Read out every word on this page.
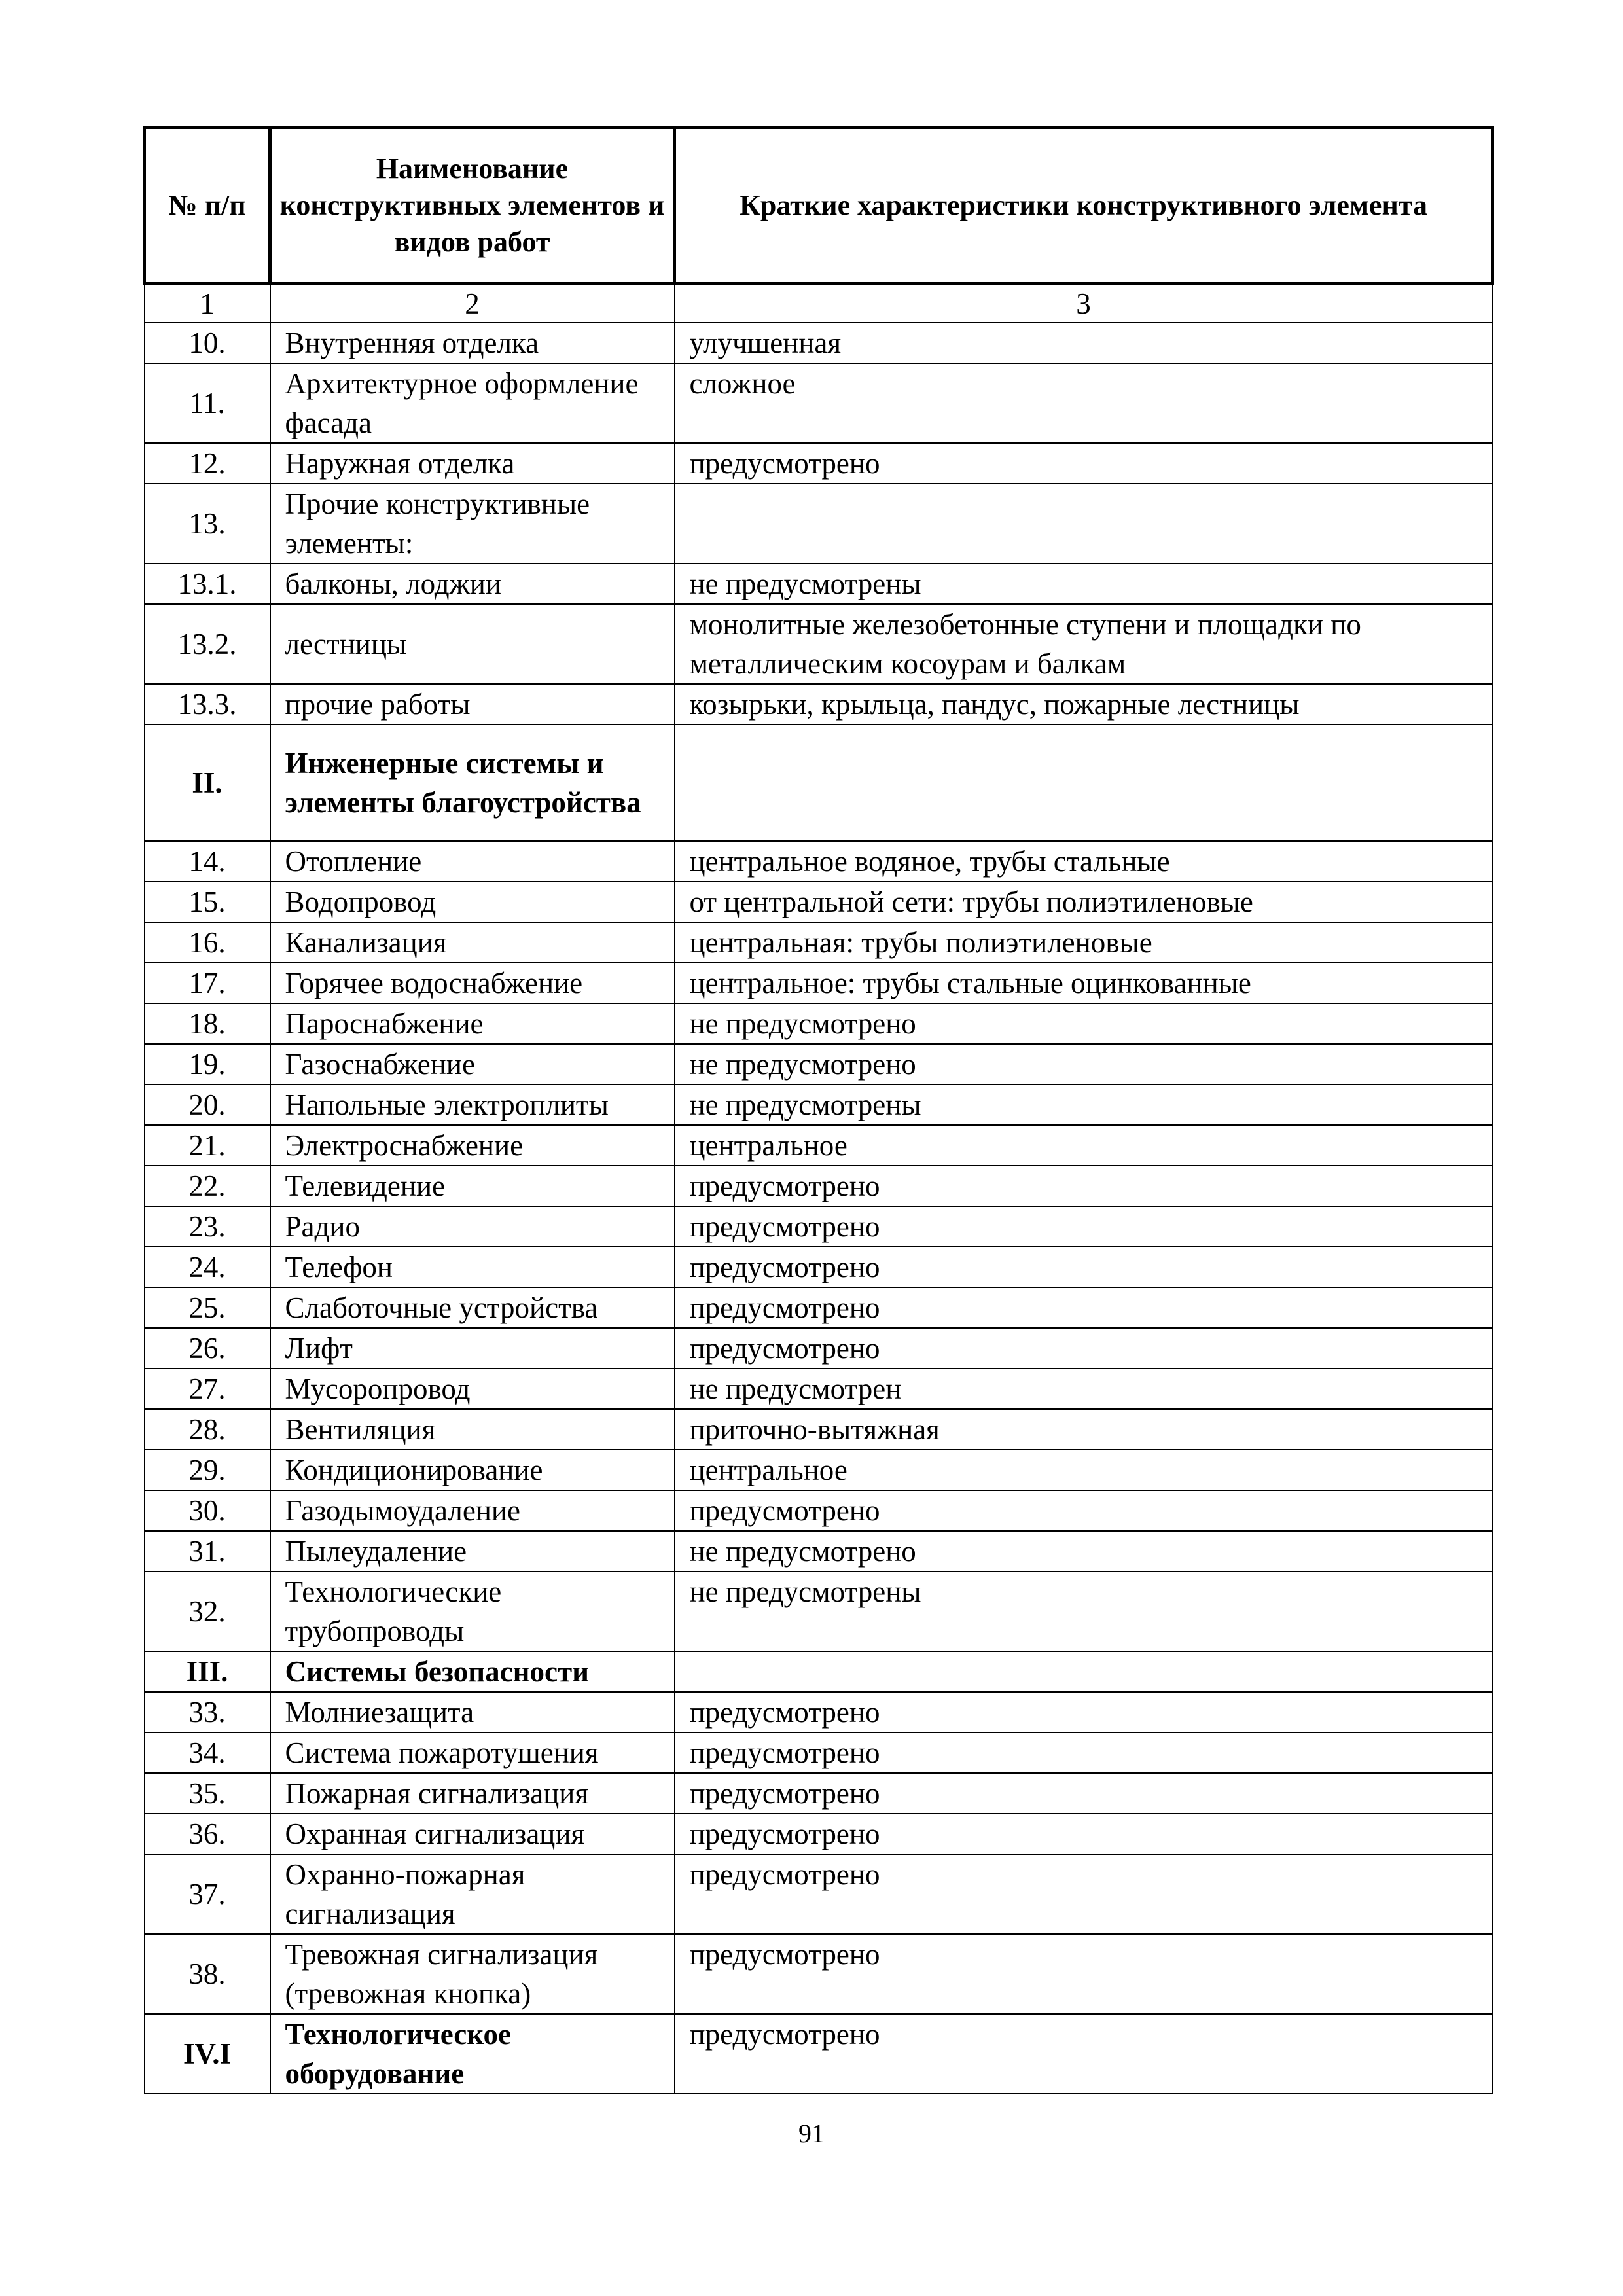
№ п/п	Наименование конструктивных элементов и видов работ	Краткие характеристики конструктивного элемента
1	2	3
10.	Внутренняя отделка	улучшенная
11.	Архитектурное оформление фасада	сложное
12.	Наружная отделка	предусмотрено
13.	Прочие конструктивные элементы:	
13.1.	балконы, лоджии	не предусмотрены
13.2.	лестницы	монолитные железобетонные ступени и площадки по металлическим косоурам и балкам
13.3.	прочие работы	козырьки, крыльца, пандус, пожарные лестницы
II.	Инженерные системы и элементы благоустройства	
14.	Отопление	центральное водяное, трубы стальные
15.	Водопровод	от центральной сети: трубы полиэтиленовые
16.	Канализация	центральная: трубы полиэтиленовые
17.	Горячее водоснабжение	центральное: трубы стальные оцинкованные
18.	Пароснабжение	не предусмотрено
19.	Газоснабжение	не предусмотрено
20.	Напольные электроплиты	не предусмотрены
21.	Электроснабжение	центральное
22.	Телевидение	предусмотрено
23.	Радио	предусмотрено
24.	Телефон	предусмотрено
25.	Слаботочные устройства	предусмотрено
26.	Лифт	предусмотрено
27.	Мусоропровод	не предусмотрен
28.	Вентиляция	приточно-вытяжная
29.	Кондиционирование	центральное
30.	Газодымоудаление	предусмотрено
31.	Пылеудаление	не предусмотрено
32.	Технологические трубопроводы	не предусмотрены
III.	Системы безопасности	
33.	Молниезащита	предусмотрено
34.	Система пожаротушения	предусмотрено
35.	Пожарная сигнализация	предусмотрено
36.	Охранная сигнализация	предусмотрено
37.	Охранно-пожарная сигнализация	предусмотрено
38.	Тревожная сигнализация (тревожная кнопка)	предусмотрено
IV.I	Технологическое оборудование	предусмотрено
91
